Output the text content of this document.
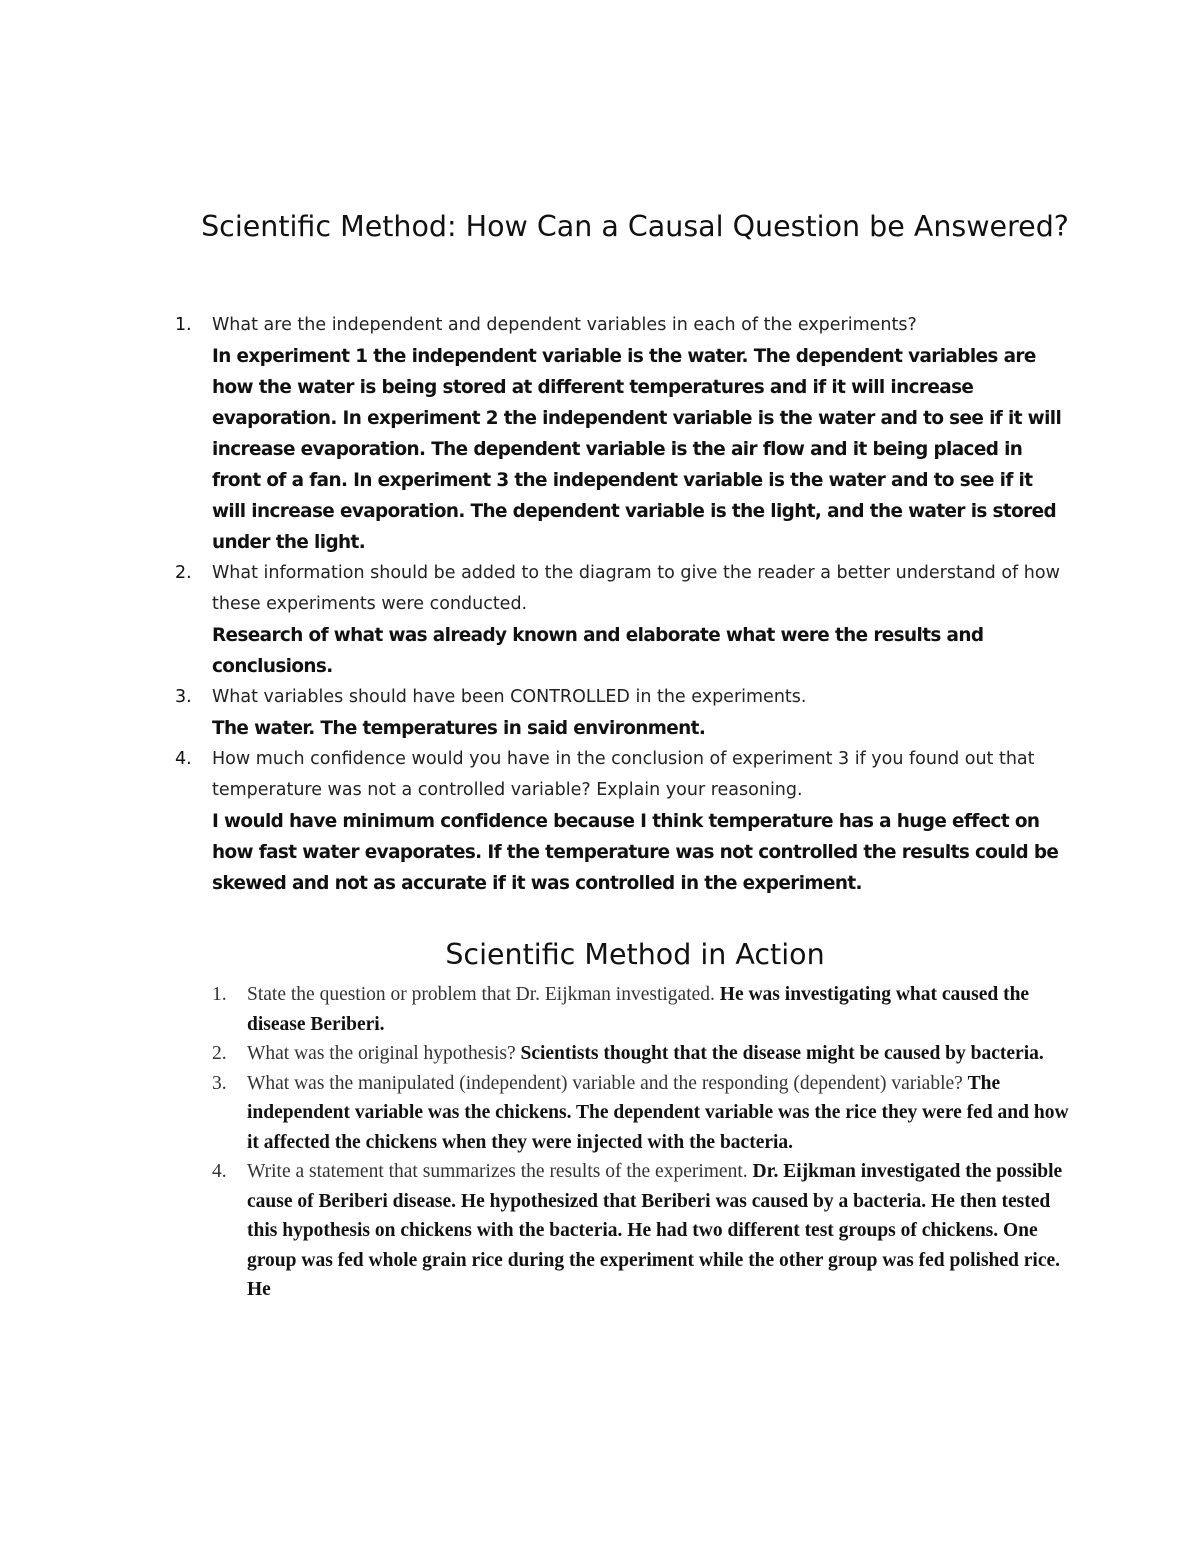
Scientific Method: How Can a Causal Question be Answered?
1.	What are the independent and dependent variables in each of the experiments?
In experiment 1 the independent variable is the water. The dependent variables are how the water is being stored at different temperatures and if it will increase evaporation. In experiment 2 the independent variable is the water and to see if it will increase evaporation. The dependent variable is the air flow and it being placed in front of a fan. In experiment 3 the independent variable is the water and to see if it will increase evaporation. The dependent variable is the light, and the water is stored under the light.
2.	What information should be added to the diagram to give the reader a better understand of how these experiments were conducted.
Research of what was already known and elaborate what were the results and conclusions.
3.	What variables should have been CONTROLLED in the experiments.
The water. The temperatures in said environment.
4.	How much confidence would you have in the conclusion of experiment 3 if you found out that temperature was not a controlled variable? Explain your reasoning.
I would have minimum confidence because I think temperature has a huge effect on how fast water evaporates. If the temperature was not controlled the results could be skewed and not as accurate if it was controlled in the experiment.
Scientific Method in Action
1.	State the question or problem that Dr. Eijkman investigated. He was investigating what caused the disease Beriberi.
2.	What was the original hypothesis? Scientists thought that the disease might be caused by bacteria.
3.	What was the manipulated (independent) variable and the responding (dependent) variable? The independent variable was the chickens. The dependent variable was the rice they were fed and how it affected the chickens when they were injected with the bacteria.
4.	Write a statement that summarizes the results of the experiment. Dr. Eijkman investigated the possible cause of Beriberi disease. He hypothesized that Beriberi was caused by a bacteria. He then tested this hypothesis on chickens with the bacteria. He had two different test groups of chickens. One group was fed whole grain rice during the experiment while the other group was fed polished rice. He
